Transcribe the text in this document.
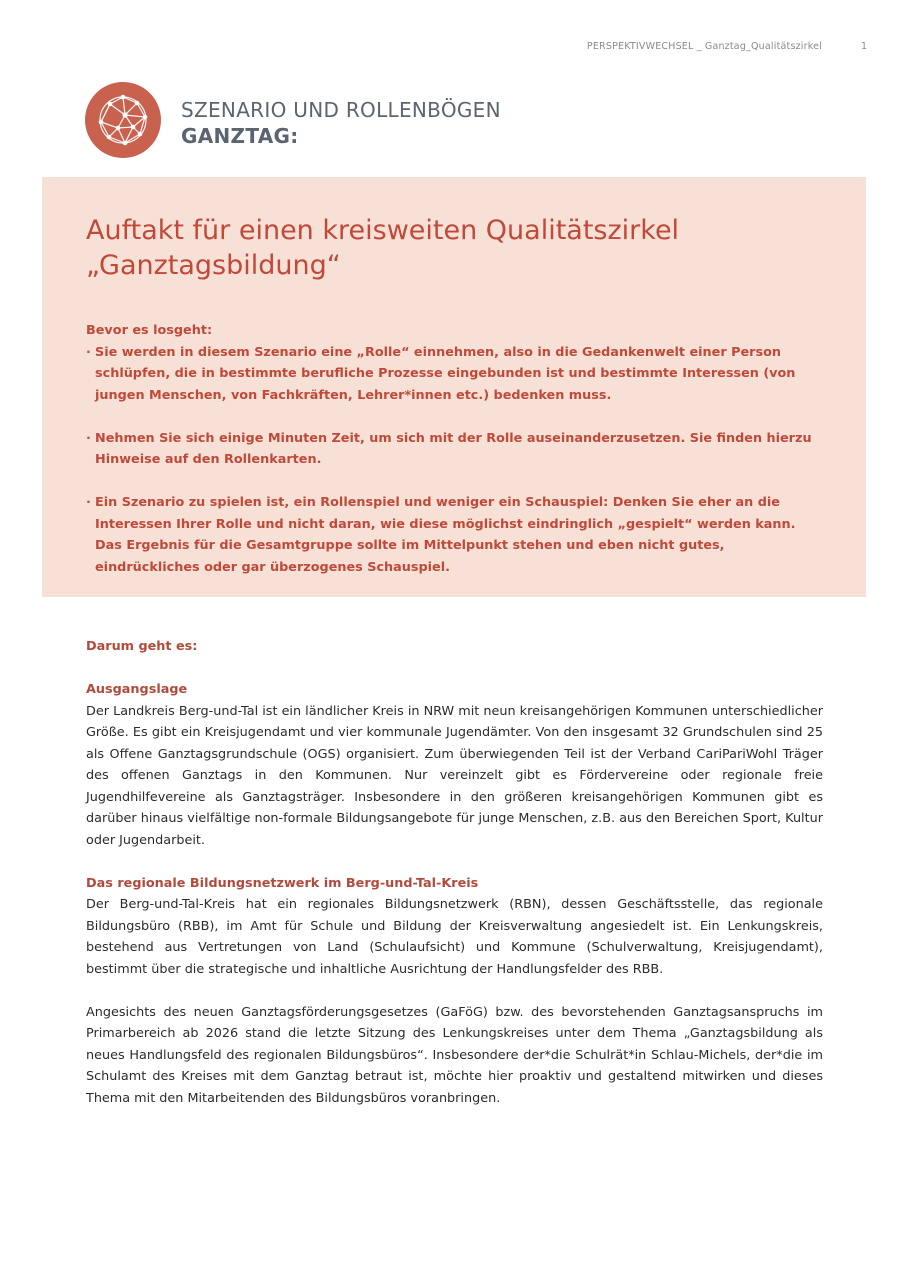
PERSPEKTIVWECHSEL _ Ganztag_Qualitätszirkel	1
SZENARIO UND ROLLENBÖGEN
GANZTAG:
Auftakt für einen kreisweiten Qualitätszirkel
„Ganztagsbildung“

Bevor es losgeht:

· Sie werden in diesem Szenario eine „Rolle“ einnehmen, also in die Gedankenwelt einer Person schlüpfen, die in bestimmte berufliche Prozesse eingebunden ist und bestimmte Interessen (von jungen Menschen, von Fachkräften, Lehrer*innen etc.) bedenken muss.
· Nehmen Sie sich einige Minuten Zeit, um sich mit der Rolle auseinanderzusetzen. Sie finden hierzu Hinweise auf den Rollenkarten.
· Ein Szenario zu spielen ist, ein Rollenspiel und weniger ein Schauspiel: Denken Sie eher an die Interessen Ihrer Rolle und nicht daran, wie diese möglichst eindringlich „gespielt“ werden kann. Das Ergebnis für die Gesamtgruppe sollte im Mittelpunkt stehen und eben nicht gutes, eindrückliches oder gar überzogenes Schauspiel.

Darum geht es:

Ausgangslage

Der Landkreis Berg-und-Tal ist ein ländlicher Kreis in NRW mit neun kreisangehörigen Kommunen unterschiedlicher Größe. Es gibt ein Kreisjugendamt und vier kommunale Jugendämter. Von den insgesamt 32 Grundschulen sind 25 als Offene Ganztagsgrundschule (OGS) organisiert. Zum überwiegenden Teil ist der Verband CariPariWohl Träger des offenen Ganztags in den Kommunen. Nur vereinzelt gibt es Fördervereine oder regionale freie Jugendhilfevereine als Ganztagsträger. Insbesondere in den größeren kreisangehörigen Kommunen gibt es darüber hinaus vielfältige non-formale Bildungsangebote für junge Menschen, z.B. aus den Bereichen Sport, Kultur oder Jugendarbeit.

Das regionale Bildungsnetzwerk im Berg-und-Tal-Kreis

Der Berg-und-Tal-Kreis hat ein regionales Bildungsnetzwerk (RBN), dessen Geschäftsstelle, das regionale Bildungsbüro (RBB), im Amt für Schule und Bildung der Kreisverwaltung angesiedelt ist. Ein Lenkungskreis, bestehend aus Vertretungen von Land (Schulaufsicht) und Kommune (Schulverwaltung, Kreisjugendamt), bestimmt über die strategische und inhaltliche Ausrichtung der Handlungsfelder des RBB.

Angesichts des neuen Ganztagsförderungsgesetzes (GaFöG) bzw. des bevorstehenden Ganztagsanspruchs im Primarbereich ab 2026 stand die letzte Sitzung des Lenkungskreises unter dem Thema „Ganztagsbildung als neues Handlungsfeld des regionalen Bildungsbüros“. Insbesondere der*die Schulrät*in Schlau-Michels, der*die im Schulamt des Kreises mit dem Ganztag betraut ist, möchte hier proaktiv und gestaltend mitwirken und dieses Thema mit den Mitarbeitenden des Bildungsbüros voranbringen.
